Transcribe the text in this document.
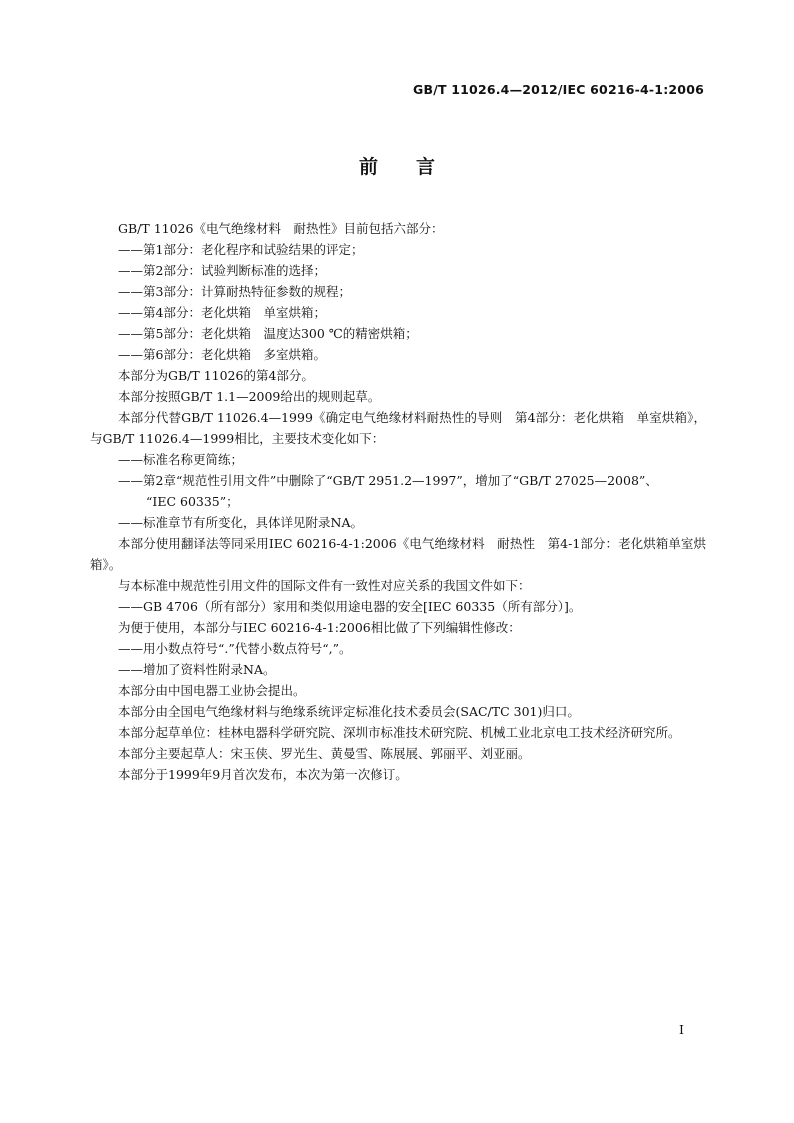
GB/T 11026.4—2012/IEC 60216-4-1:2006
前言

GB/T 11026《电气绝缘材料　耐热性》目前包括六部分：

——第1部分：老化程序和试验结果的评定；

——第2部分：试验判断标准的选择；

——第3部分：计算耐热特征参数的规程；

——第4部分：老化烘箱　单室烘箱；

——第5部分：老化烘箱　温度达300 ℃的精密烘箱；

——第6部分：老化烘箱　多室烘箱。

本部分为GB/T 11026的第4部分。

本部分按照GB/T 1.1—2009给出的规则起草。

本部分代替GB/T 11026.4—1999《确定电气绝缘材料耐热性的导则　第4部分：老化烘箱　单室烘箱》，与GB/T 11026.4—1999相比，主要技术变化如下：

——标准名称更简练；

——第2章“规范性引用文件”中删除了“GB/T 2951.2—1997”，增加了“GB/T 27025—2008”、

“IEC 60335”；

——标准章节有所变化，具体详见附录NA。

本部分使用翻译法等同采用IEC 60216-4-1:2006《电气绝缘材料　耐热性　第4-1部分：老化烘箱单室烘箱》。

与本标准中规范性引用文件的国际文件有一致性对应关系的我国文件如下：

——GB 4706（所有部分）家用和类似用途电器的安全[IEC 60335（所有部分）]。

为便于使用，本部分与IEC 60216-4-1:2006相比做了下列编辑性修改：

——用小数点符号“.”代替小数点符号“,”。

——增加了资料性附录NA。

本部分由中国电器工业协会提出。

本部分由全国电气绝缘材料与绝缘系统评定标准化技术委员会(SAC/TC 301)归口。

本部分起草单位：桂林电器科学研究院、深圳市标准技术研究院、机械工业北京电工技术经济研究所。

本部分主要起草人：宋玉侠、罗光生、黄曼雪、陈展展、郭丽平、刘亚丽。

本部分于1999年9月首次发布，本次为第一次修订。

I
